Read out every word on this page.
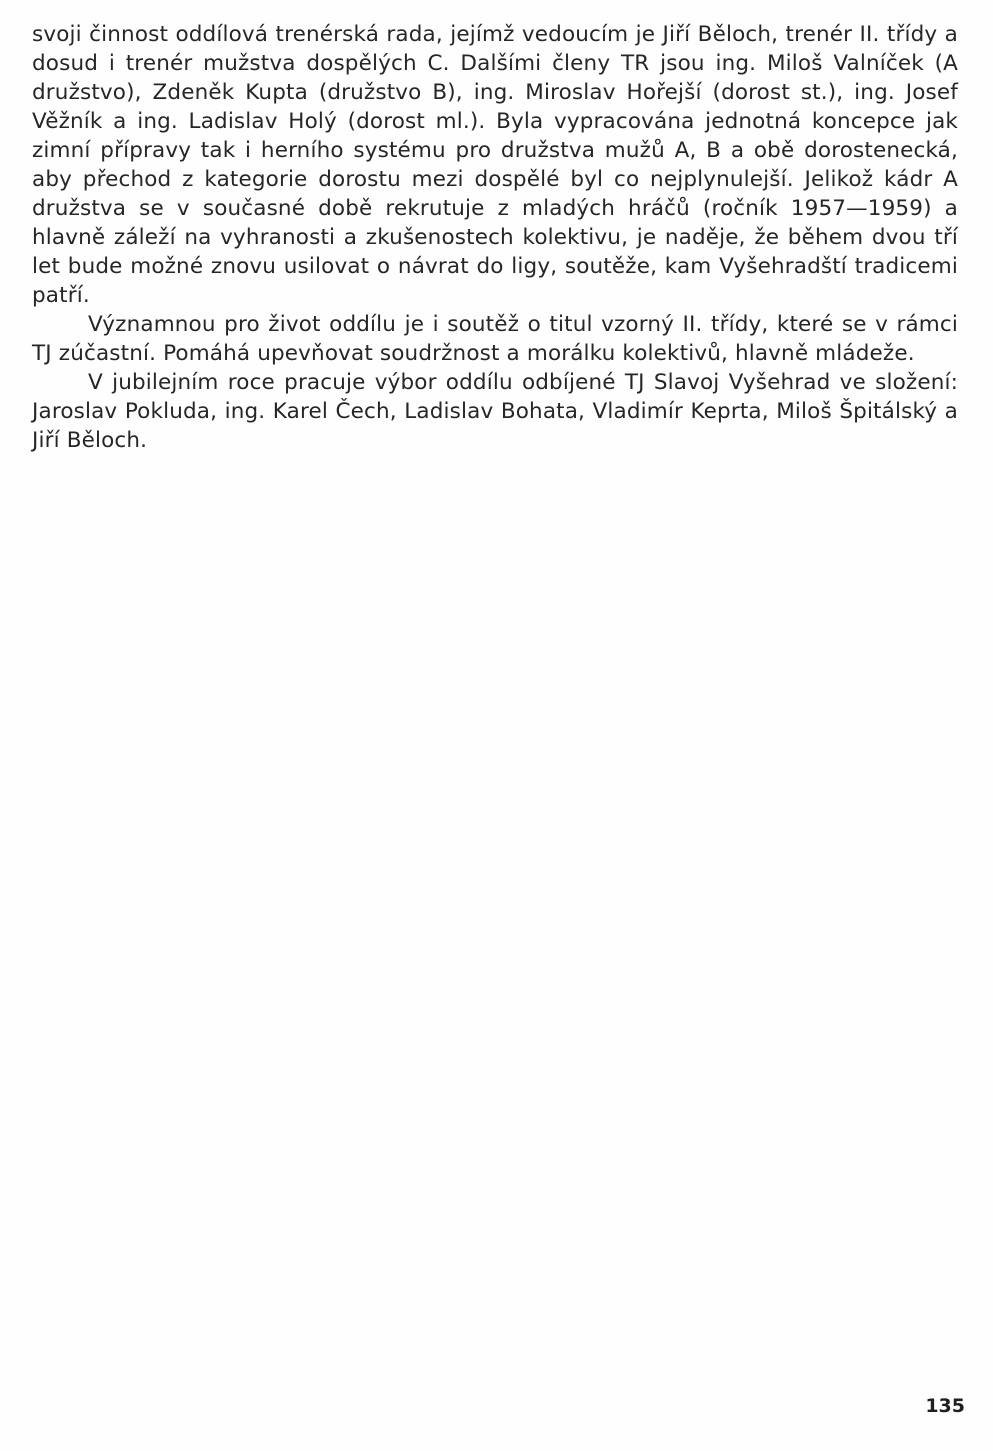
svoji činnost oddílová trenérská rada, jejímž vedoucím je Jiří Běloch, trenér II. třídy a dosud i trenér mužstva dospělých C. Dalšími členy TR jsou ing. Miloš Valníček (A družstvo), Zdeněk Kupta (družstvo B), ing. Miroslav Hořejší (dorost st.), ing. Josef Věžník a ing. Ladislav Holý (dorost ml.). Byla vypracována jednotná koncepce jak zimní přípravy tak i herního systému pro družstva mužů A, B a obě dorostenecká, aby přechod z kategorie dorostu mezi dospělé byl co nejplynulejší. Jelikož kádr A družstva se v současné době rekrutuje z mladých hráčů (ročník 1957—1959) a hlavně záleží na vyhranosti a zkušenostech kolektivu, je naděje, že během dvou tří let bude možné znovu usilovat o návrat do ligy, soutěže, kam Vyšehradští tradicemi patří.

Významnou pro život oddílu je i soutěž o titul vzorný II. třídy, které se v rámci TJ zúčastní. Pomáhá upevňovat soudržnost a morálku kolektivů, hlavně mládeže.

V jubilejním roce pracuje výbor oddílu odbíjené TJ Slavoj Vyšehrad ve složení: Jaroslav Pokluda, ing. Karel Čech, Ladislav Bohata, Vladimír Keprta, Miloš Špitálský a Jiří Běloch.

135
